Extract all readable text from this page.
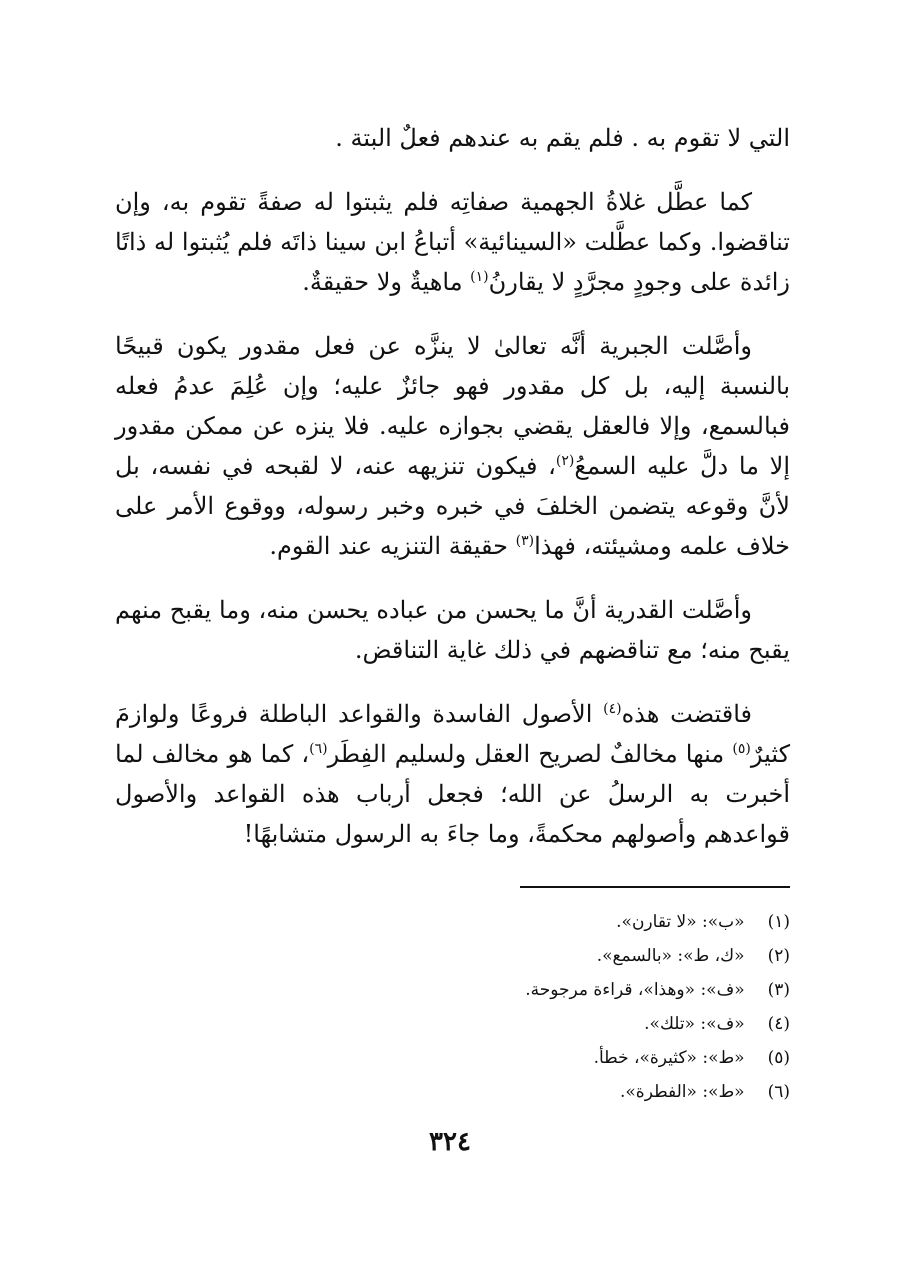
التي لا تقوم به . فلم يقم به عندهم فعلٌ البتة .

كما عطَّل غلاةُ الجهمية صفاتِه فلم يثبتوا له صفةً تقوم به، وإن تناقضوا. وكما عطَّلت «السينائية» أتباعُ ابن سينا ذاتَه فلم يُثبتوا له ذاتًا زائدة على وجودٍ مجرَّدٍ لا يقارنُ$^{(١)}$ ماهيةٌ ولا حقيقةٌ.

وأصَّلت الجبرية أنَّه تعالىٰ لا ينزَّه عن فعل مقدور يكون قبيحًا بالنسبة إليه، بل كل مقدور فهو جائزٌ عليه؛ وإن عُلِمَ عدمُ فعله فبالسمع، وإلا فالعقل يقضي بجوازه عليه. فلا ينزه عن ممكن مقدور إلا ما دلَّ عليه السمعُ$^{(٢)}$، فيكون تنزيهه عنه، لا لقبحه في نفسه، بل لأنَّ وقوعه يتضمن الخلفَ في خبره وخبر رسوله، ووقوع الأمر على خلاف علمه ومشيئته، فهذا$^{(٣)}$ حقيقة التنزيه عند القوم.

وأصَّلت القدرية أنَّ ما يحسن من عباده يحسن منه، وما يقبح منهم يقبح منه؛ مع تناقضهم في ذلك غاية التناقض.

فاقتضت هذه$^{(٤)}$ الأصول الفاسدة والقواعد الباطلة فروعًا ولوازمَ كثيرٌ$^{(٥)}$ منها مخالفٌ لصريح العقل ولسليم الفِطَر$^{(٦)}$، كما هو مخالف لما أخبرت به الرسلُ عن الله؛ فجعل أرباب هذه القواعد والأصول قواعدهم وأصولهم محكمةً، وما جاءَ به الرسول متشابهًا!

(١) «ب»: «لا تقارن».
(٢) «ك، ط»: «بالسمع».
(٣) «ف»: «وهذا»، قراءة مرجوحة.
(٤) «ف»: «تلك».
(٥) «ط»: «كثيرة»، خطأ.
(٦) «ط»: «الفطرة».
٣٢٤
